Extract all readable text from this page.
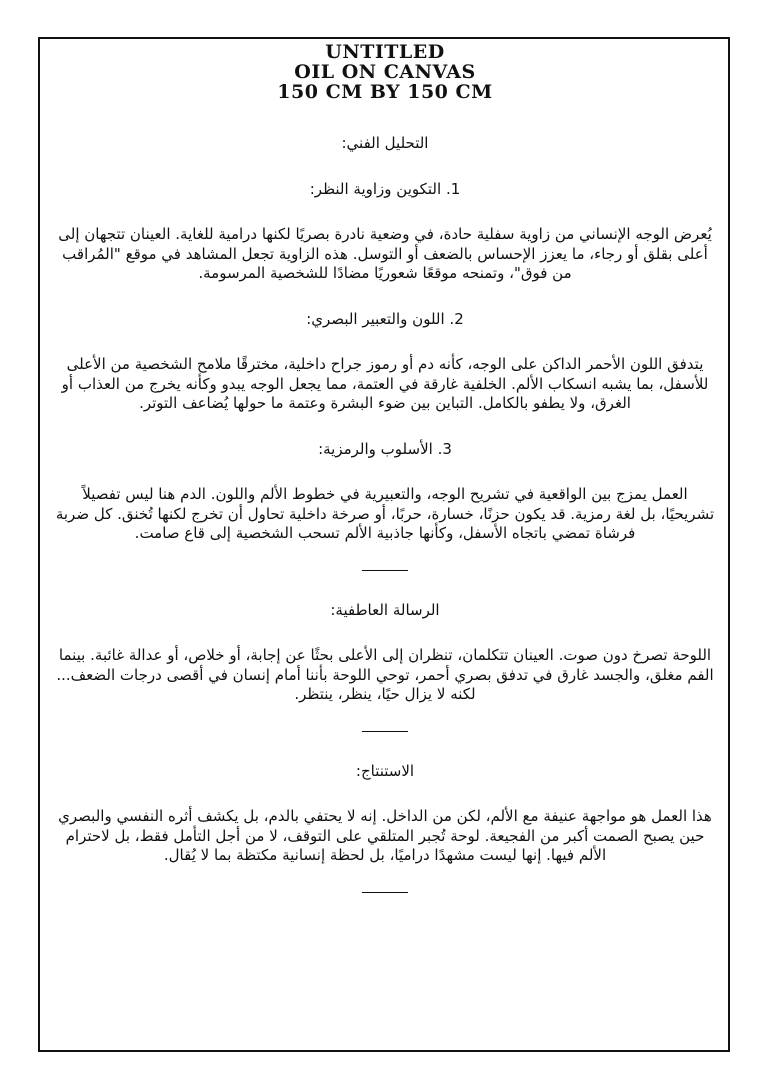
UNTITLED
OIL ON CANVAS
150 CM BY 150 CM
التحليل الفني:
1. التكوين وزاوية النظر:
يُعرض الوجه الإنساني من زاوية سفلية حادة، في وضعية نادرة بصريًا لكنها درامية للغاية. العينان تتجهان إلى أعلى بقلق أو رجاء، ما يعزز الإحساس بالضعف أو التوسل. هذه الزاوية تجعل المشاهد في موقع "المُراقب من فوق"، وتمنحه موقعًا شعوريًا مضادًا للشخصية المرسومة.
2. اللون والتعبير البصري:
يتدفق اللون الأحمر الداكن على الوجه، كأنه دم أو رموز جراح داخلية، مخترقًا ملامح الشخصية من الأعلى للأسفل، بما يشبه انسكاب الألم. الخلفية غارقة في العتمة، مما يجعل الوجه يبدو وكأنه يخرج من العذاب أو الغرق، ولا يطفو بالكامل. التباين بين ضوء البشرة وعتمة ما حولها يُضاعف التوتر.
3. الأسلوب والرمزية:
العمل يمزج بين الواقعية في تشريح الوجه، والتعبيرية في خطوط الألم واللون. الدم هنا ليس تفصيلاً تشريحيًا، بل لغة رمزية. قد يكون حزنًا، خسارة، حربًا، أو صرخة داخلية تحاول أن تخرج لكنها تُخنق. كل ضربة فرشاة تمضي باتجاه الأسفل، وكأنها جاذبية الألم تسحب الشخصية إلى قاع صامت.
الرسالة العاطفية:
اللوحة تصرخ دون صوت. العينان تتكلمان، تنظران إلى الأعلى بحثًا عن إجابة، أو خلاص، أو عدالة غائبة. بينما الفم مغلق، والجسد غارق في تدفق بصري أحمر، توحي اللوحة بأننا أمام إنسان في أقصى درجات الضعف... لكنه لا يزال حيًا، ينظر، ينتظر.
الاستنتاج:
هذا العمل هو مواجهة عنيفة مع الألم، لكن من الداخل. إنه لا يحتفي بالدم، بل يكشف أثره النفسي والبصري حين يصبح الصمت أكبر من الفجيعة. لوحة تُجبر المتلقي على التوقف، لا من أجل التأمل فقط، بل لاحترام الألم فيها. إنها ليست مشهدًا دراميًا، بل لحظة إنسانية مكتظة بما لا يُقال.
